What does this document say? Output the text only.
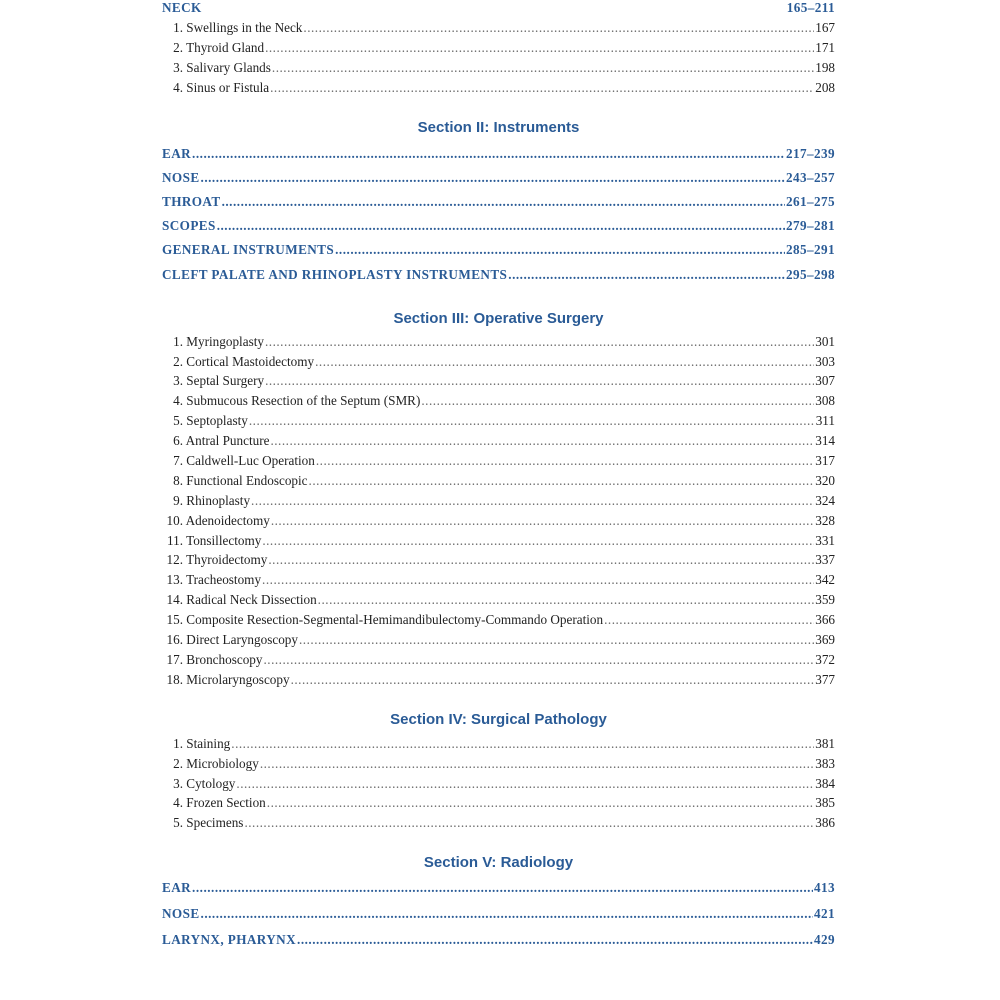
NECK	165–211
1. Swellings in the Neck .....	167
2. Thyroid Gland .....	171
3. Salivary Glands .....	198
4. Sinus or Fistula .....	208
Section II: Instruments
EAR .....	217–239
NOSE .....	243–257
THROAT .....	261–275
SCOPES .....	279–281
GENERAL INSTRUMENTS .....	285–291
CLEFT PALATE AND RHINOPLASTY INSTRUMENTS .....	295–298
Section III: Operative Surgery
1. Myringoplasty .....	301
2. Cortical Mastoidectomy .....	303
3. Septal Surgery .....	307
4. Submucous Resection of the Septum (SMR) .....	308
5. Septoplasty .....	311
6. Antral Puncture .....	314
7. Caldwell-Luc Operation .....	317
8. Functional Endoscopic .....	320
9. Rhinoplasty .....	324
10. Adenoidectomy .....	328
11. Tonsillectomy .....	331
12. Thyroidectomy .....	337
13. Tracheostomy .....	342
14. Radical Neck Dissection .....	359
15. Composite Resection-Segmental-Hemimandibulectomy-Commando Operation .....	366
16. Direct Laryngoscopy .....	369
17. Bronchoscopy .....	372
18. Microlaryngoscopy .....	377
Section IV: Surgical Pathology
1. Staining .....	381
2. Microbiology .....	383
3. Cytology .....	384
4. Frozen Section .....	385
5. Specimens .....	386
Section V: Radiology
EAR .....	413
NOSE .....	421
LARYNX, PHARYNX .....	429
